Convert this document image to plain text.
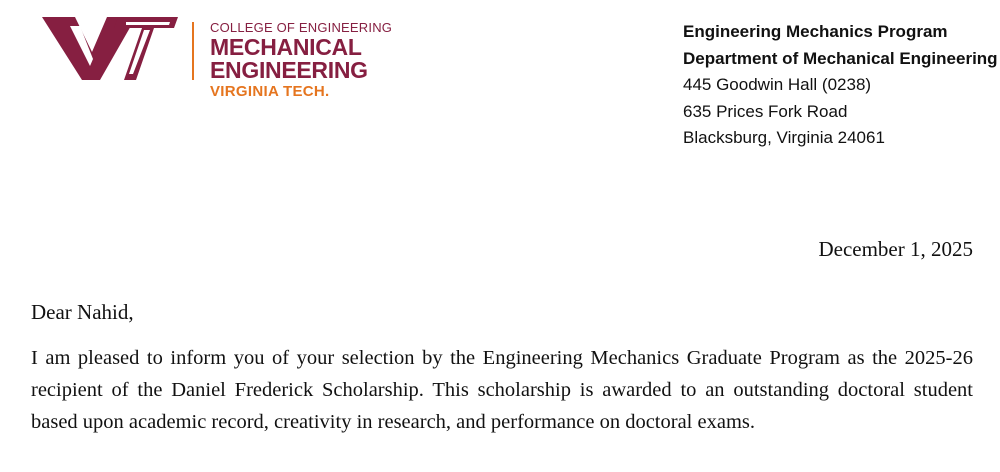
COLLEGE OF ENGINEERING
MECHANICAL ENGINEERING
VIRGINIA TECH.
Engineering Mechanics Program
Department of Mechanical Engineering
445 Goodwin Hall (0238)
635 Prices Fork Road
Blacksburg, Virginia 24061
December 1, 2025
Dear Nahid,
I am pleased to inform you of your selection by the Engineering Mechanics Graduate Program as the 2025-26 recipient of the Daniel Frederick Scholarship. This scholarship is awarded to an outstanding doctoral student based upon academic record, creativity in research, and performance on doctoral exams.
